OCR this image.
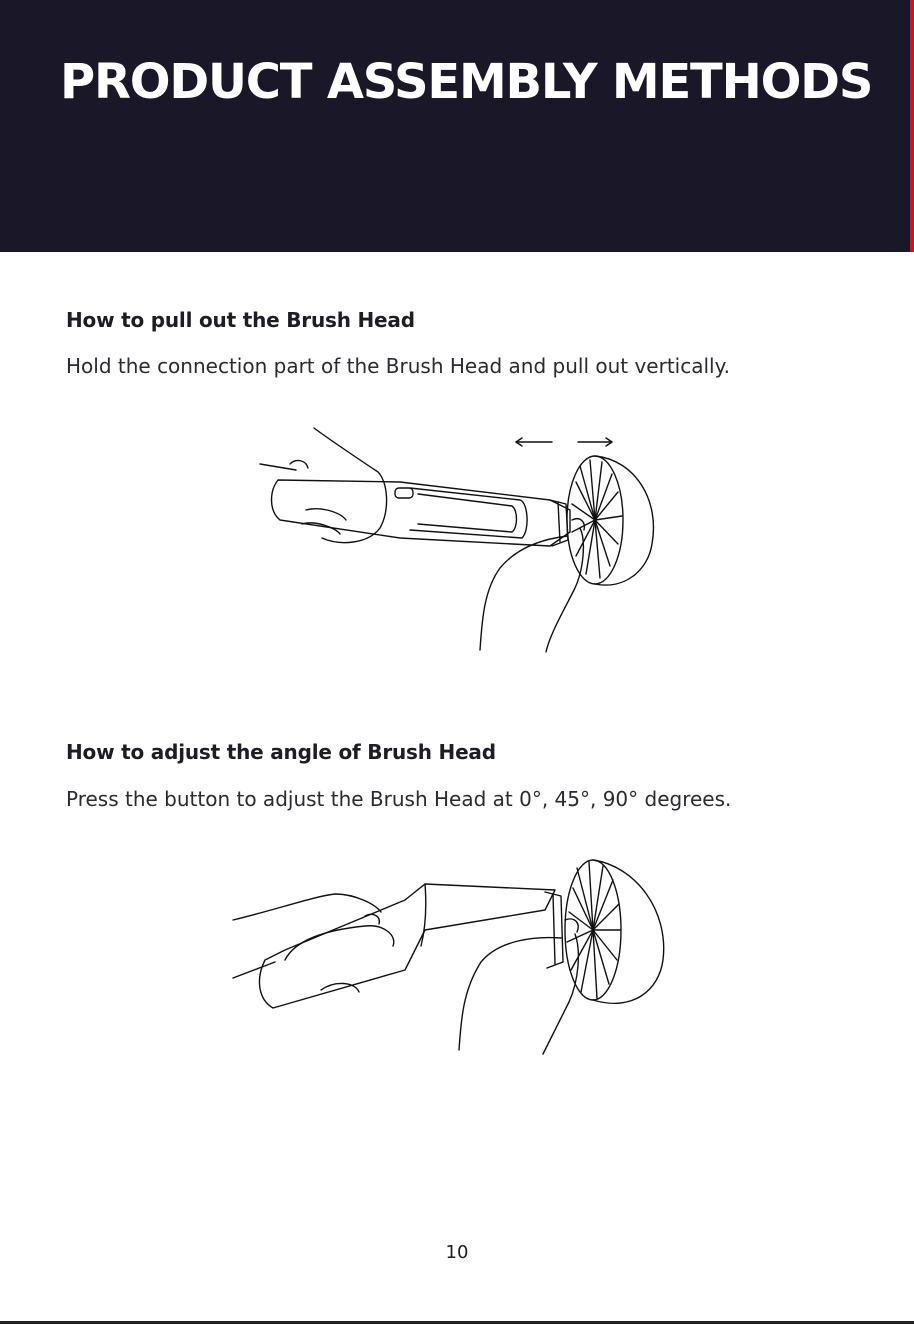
PRODUCT ASSEMBLY METHODS
How to pull out the Brush Head
Hold the connection part of the Brush Head and pull out vertically.
How to adjust the angle of Brush Head
Press the button to adjust the Brush Head at 0°, 45°, 90° degrees.
10
